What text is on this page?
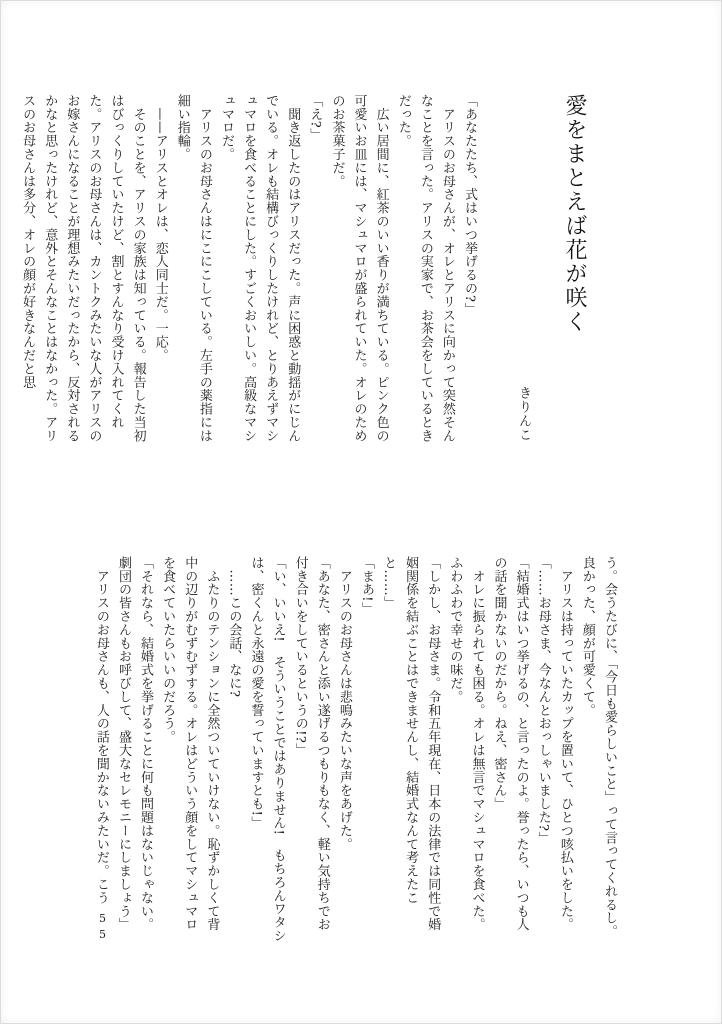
愛をまとえば花が咲く
きりんこ

「あなたたち、式はいつ挙げるの?」

　アリスのお母さんが、オレとアリスに向かって突然そんなことを言った。アリスの実家で、お茶会をしているときだった。

　広い居間に、紅茶のいい香りが満ちている。ピンク色の可愛いお皿には、マシュマロが盛られていた。オレのためのお茶菓子だ。

「え?」

　聞き返したのはアリスだった。声に困惑と動揺がにじんでいる。オレも結構びっくりしたけれど、とりあえずマシュマロを食べることにした。すごくおいしい。高級なマシュマロだ。

　アリスのお母さんはにこにこしている。左手の薬指には細い指輪。

　——アリスとオレは、恋人同士だ。一応。

　そのことを、アリスの家族は知っている。報告した当初はびっくりしていたけど、割とすんなり受け入れてくれた。アリスのお母さんは、カントクみたいな人がアリスのお嫁さんになることが理想みたいだったから、反対されるかなと思ったけれど、意外とそんなことはなかった。アリスのお母さんは多分、オレの顔が好きなんだと思

う。会うたびに、「今日も愛らしいこと」って言ってくれるし。良かった、顔が可愛くて。

　アリスは持っていたカップを置いて、ひとつ咳払いをした。

「……お母さま、今なんとおっしゃいました?」

「結婚式はいつ挙げるの、と言ったのよ。誉ったら、いつも人の話を聞かないのだから。ねえ、密さん」

　オレに振られても困る。オレは無言でマシュマロを食べた。ふわふわで幸せの味だ。

「しかし、お母さま。令和五年現在、日本の法律では同性で婚姻関係を結ぶことはできませんし、結婚式なんて考えたこと……」

「まあ!」

　アリスのお母さんは悲鳴みたいな声をあげた。

「あなた、密さんと添い遂げるつもりもなく、軽い気持ちでお付き合いをしているというの!?」

「い、いいえ!　そういうことではありません!　もちろんワタシは、密くんと永遠の愛を誓っていますとも!」

　……この会話、なに?

　ふたりのテンションに全然ついていけない。恥ずかしくて背中の辺りがむずむずする。オレはどういう顔をしてマシュマロを食べていたらいいのだろう。

「それなら、結婚式を挙げることに何も問題はないじゃない。劇団の皆さんもお呼びして、盛大なセレモニーにしましょう」

　アリスのお母さんも、人の話を聞かないみたいだ。こう

55
